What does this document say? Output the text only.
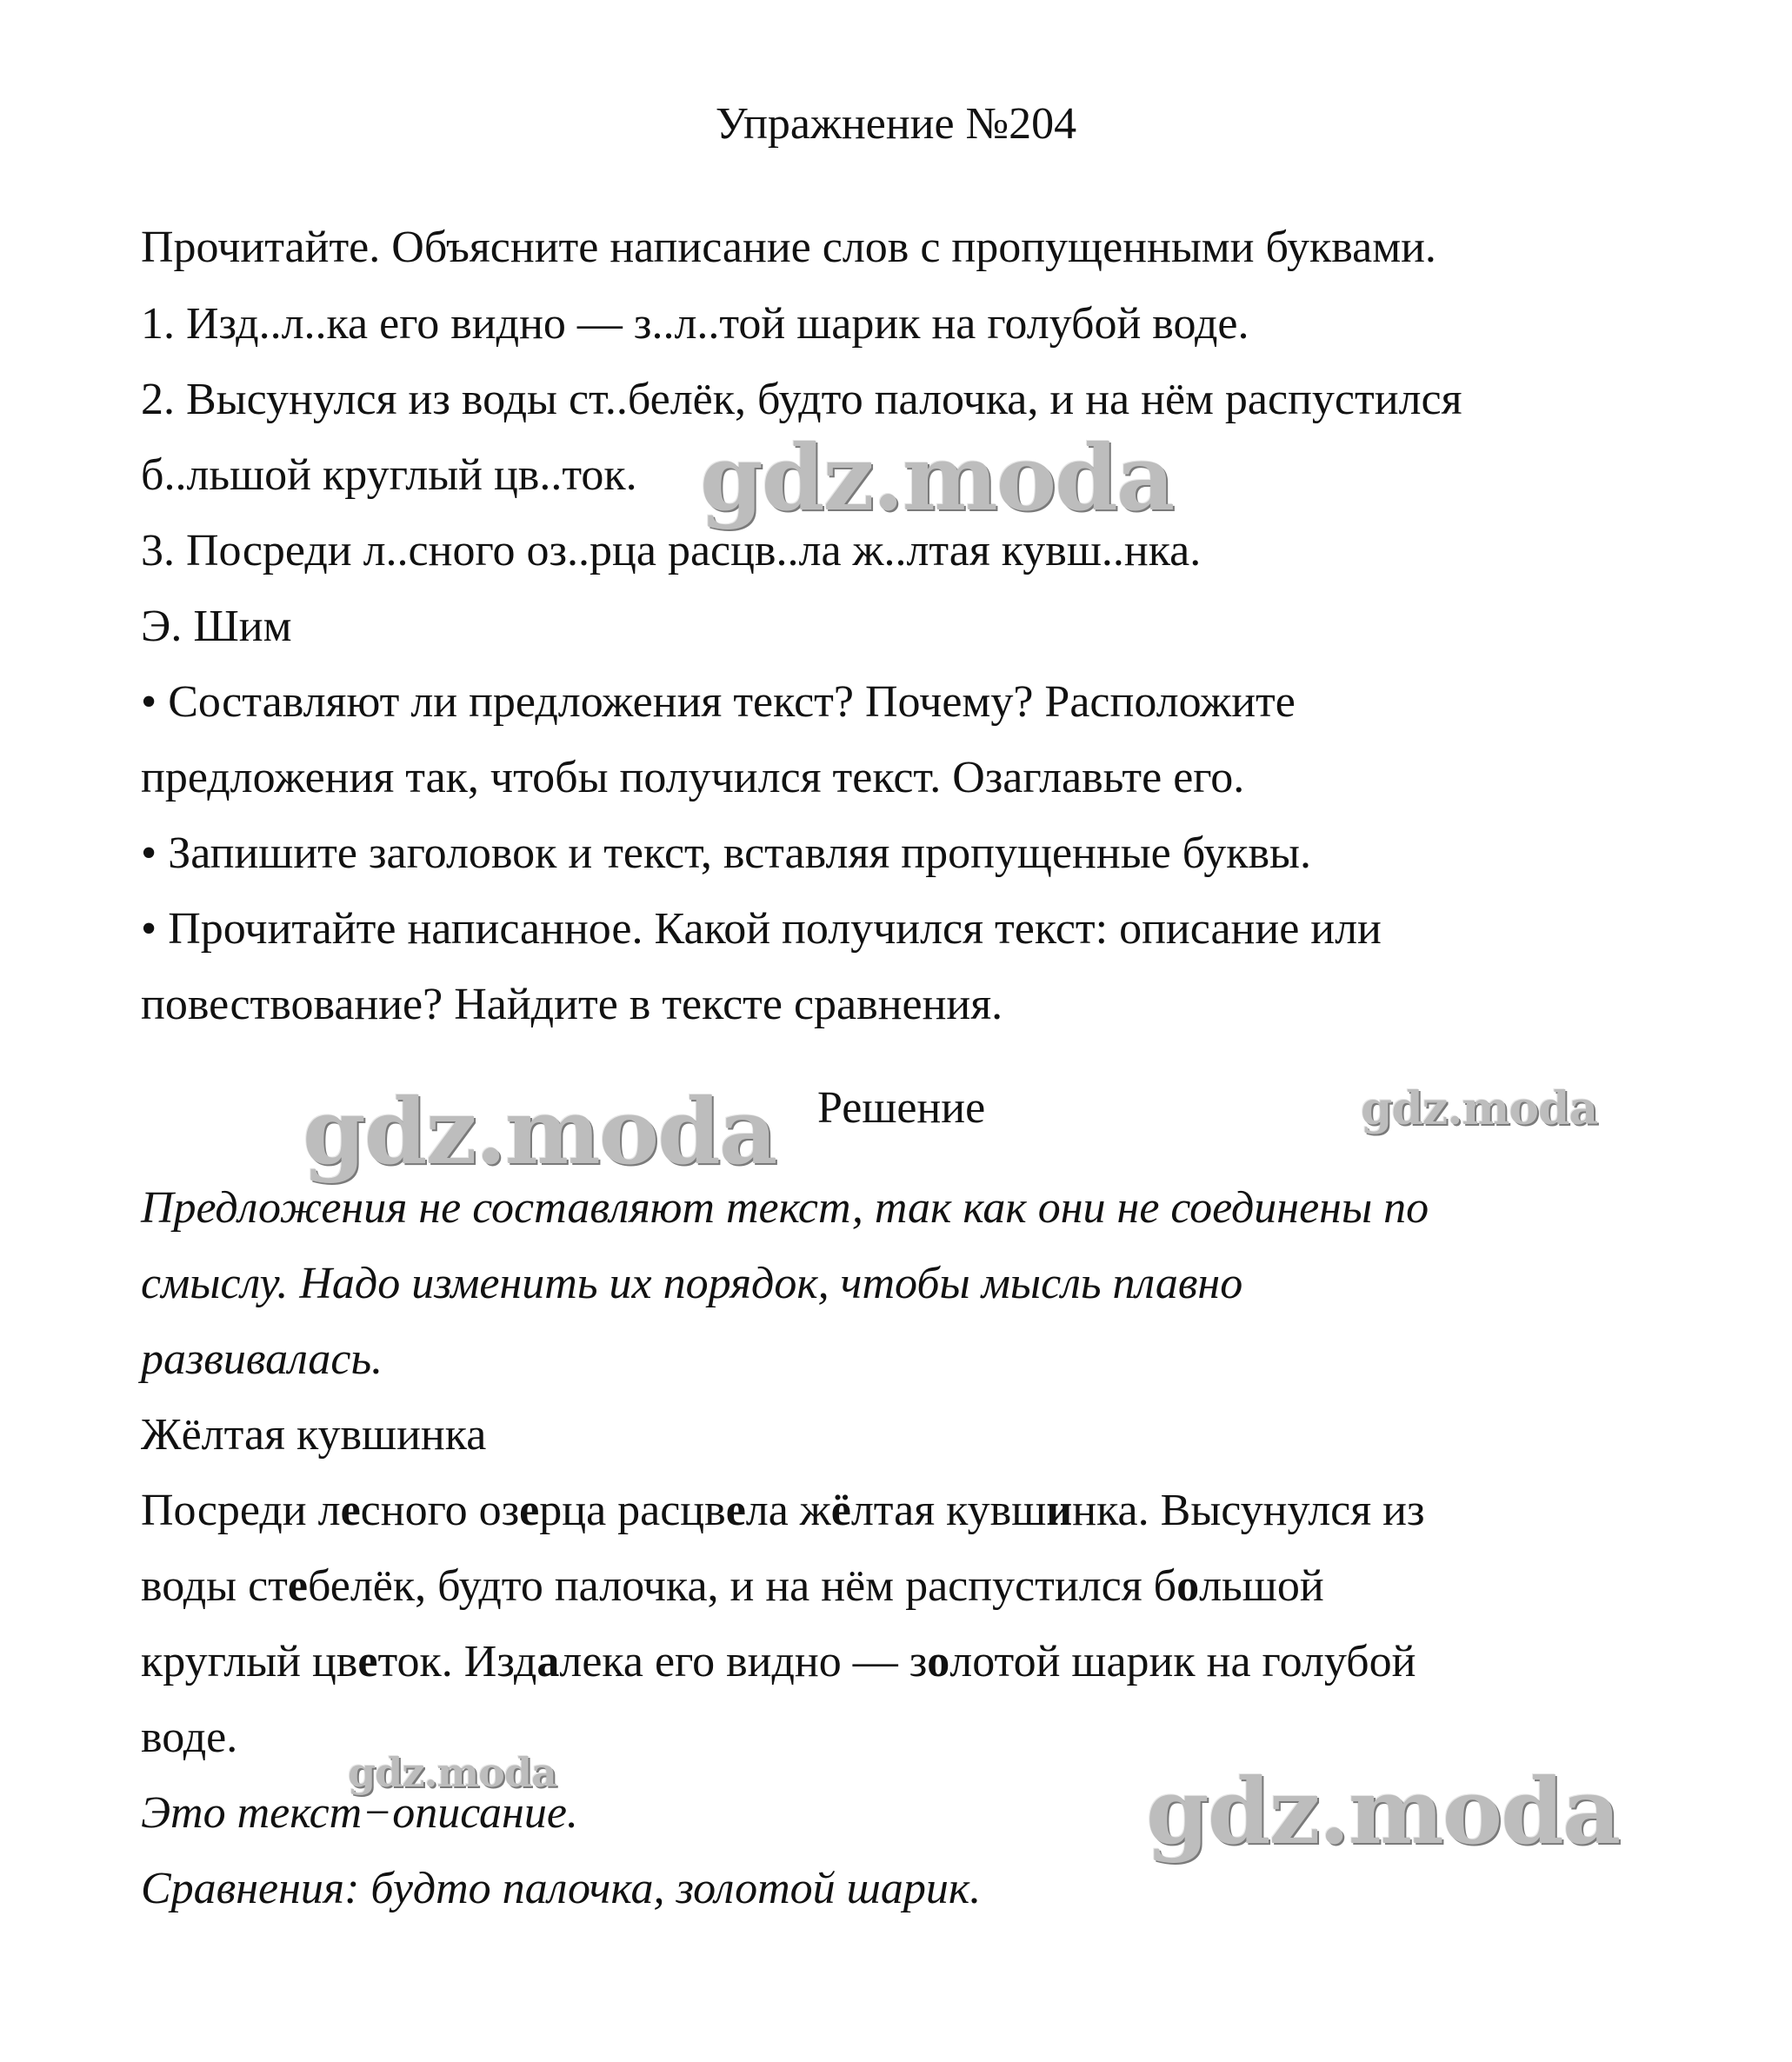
Упражнение №204
Прочитайте. Объясните написание слов с пропущенными буквами.
1. Изд..л..ка его видно — з..л..той шарик на голубой воде.
2. Высунулся из воды ст..белёк, будто палочка, и на нём распустился
б..льшой круглый цв..ток.
3. Посреди л..сного оз..рца расцв..ла ж..лтая кувш..нка.
Э. Шим
• Составляют ли предложения текст? Почему? Расположите
предложения так, чтобы получился текст. Озаглавьте его.
• Запишите заголовок и текст, вставляя пропущенные буквы.
• Прочитайте написанное. Какой получился текст: описание или
повествование? Найдите в тексте сравнения.
Решение
Предложения не составляют текст, так как они не соединены по
смыслу. Надо изменить их порядок, чтобы мысль плавно
развивалась.
Жёлтая кувшинка
Посреди лесного озерца расцвела жёлтая кувшинка. Высунулся из
воды стебелёк, будто палочка, и на нём распустился большой
круглый цветок. Издалека его видно — золотой шарик на голубой
воде.
Это текст−описание.
Сравнения: будто палочка, золотой шарик.
gdz.moda
gdz.moda	gdz.moda
gdz.moda	gdz.moda
